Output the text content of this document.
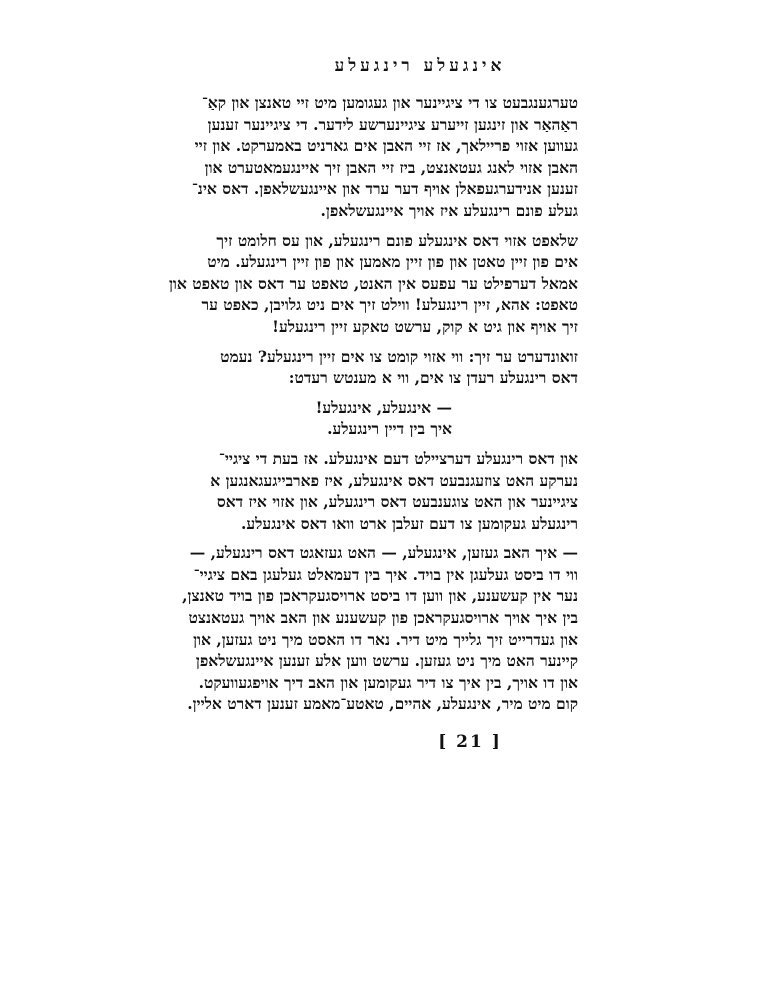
אינגעלע רינגעלע
טערגענגבעט צו די ציגיינער און געגומען מיט זיי טאנצן און קאַ־
ראַהאַר און זינגען זייערע ציגיינערשע לידער. די ציגיינער זענען
געווען אזוי פריילאך, אז זיי האבן אים גארניט באמערקט. און זיי
האבן אזוי לאנג געטאנצט, ביז זיי האבן זיך איינגעמאטערט און
זענען אנידערגעפאלן אויף דער ערד און איינגעשלאפן. דאס אינ־
געלע פונם רינגעלע איז אויך איינגעשלאפן.
שלאפט אזוי דאס אינגעלע פונם רינגעלע, און עס חלומט זיך
אים פון זיין טאטן און פון זיין מאמען און פון זיין רינגעלע. מיט
אמאל דערפילט ער עפעס אין האנט, טאפט ער דאס און טאפט און
טאפט: אהא, זיין רינגעלע! ווילט זיך אים ניט גלויבן, כאפט ער
זיך אויף און גיט א קוק, ערשט טאקע זיין רינגעלע!
זואונדערט ער זיך: ווי אזוי קומט צו אים זיין רינגעלע? נעמט
דאס רינגעלע רעדן צו אים, ווי א מענטש רעדט:
— אינגעלע, אינגעלע!
איך בין דיין רינגעלע.
און דאס רינגעלע דערציילט דעם אינגעלע. אז בעת די ציגיי־
נערקע האט צוזעגנבעט דאס אינגעלע, איז פארבייגעגאנגען א
ציגיינער און האט צוגענבעט דאס רינגעלע, און אזוי איז דאס
רינגעלע געקומען צו דעם זעלבן ארט וואו דאס אינגעלע.
— איך האב געזען, אינגעלע, — האט געזאגט דאס רינגעלע, —
ווי דו ביסט געלעגן אין בויד. איך בין דעמאלט געלעגן באם ציגיי־
נער אין קעשענע, און ווען דו ביסט ארויסגעקראכן פון בויד טאנצן,
בין איך אויך ארויסגעקראכן פון קעשענע און האב אויך געטאנצט
און געדרייט זיך גלייך מיט דיר. נאר דו האסט מיך ניט געזען, און
קיינער האט מיך ניט געזען. ערשט ווען אלע זענען איינגעשלאפן
און דו אויך, בין איך צו דיר געקומען און האב דיך אויפגעוועקט.
קום מיט מיר, אינגעלע, אהיים, טאטע־מאמע זענען דארט אליין.
[ 21 ]
